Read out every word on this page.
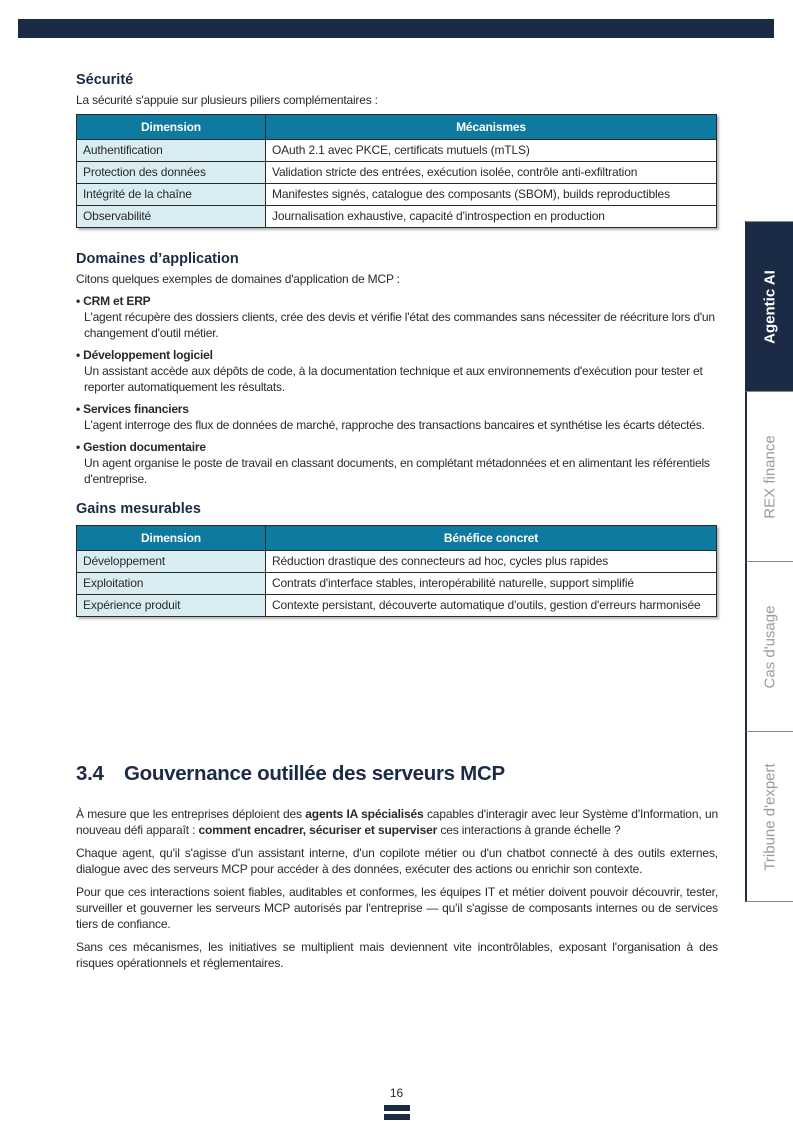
Sécurité

La sécurité s'appuie sur plusieurs piliers complémentaires :

Dimension	Mécanismes
Authentification	OAuth 2.1 avec PKCE, certificats mutuels (mTLS)
Protection des données	Validation stricte des entrées, exécution isolée, contrôle anti-exfiltration
Intégrité de la chaîne	Manifestes signés, catalogue des composants (SBOM), builds reproductibles
Observabilité	Journalisation exhaustive, capacité d'introspection en production
Domaines d’application

Citons quelques exemples de domaines d'application de MCP :

• CRM et ERP
L'agent récupère des dossiers clients, crée des devis et vérifie l'état des commandes sans nécessiter de réécriture lors d'un changement d'outil métier.
• Développement logiciel
Un assistant accède aux dépôts de code, à la documentation technique et aux environnements d'exécution pour tester et reporter automatiquement les résultats.
• Services financiers
L'agent interroge des flux de données de marché, rapproche des transactions bancaires et synthétise les écarts détectés.
• Gestion documentaire
Un agent organise le poste de travail en classant documents, en complétant métadonnées et en alimentant les référentiels d'entreprise.
Gains mesurables
Dimension	Bénéfice concret
Développement	Réduction drastique des connecteurs ad hoc, cycles plus rapides
Exploitation	Contrats d'interface stables, interopérabilité naturelle, support simplifié
Expérience produit	Contexte persistant, découverte automatique d'outils, gestion d'erreurs harmonisée
3.4 Gouvernance outillée des serveurs MCP

À mesure que les entreprises déploient des agents IA spécialisés capables d'interagir avec leur Système d'Information, un nouveau défi apparaît : comment encadrer, sécuriser et superviser ces interactions à grande échelle ?

Chaque agent, qu'il s'agisse d'un assistant interne, d'un copilote métier ou d'un chatbot connecté à des outils externes, dialogue avec des serveurs MCP pour accéder à des données, exécuter des actions ou enrichir son contexte.

Pour que ces interactions soient fiables, auditables et conformes, les équipes IT et métier doivent pouvoir découvrir, tester, surveiller et gouverner les serveurs MCP autorisés par l'entreprise — qu'il s'agisse de composants internes ou de services tiers de confiance.

Sans ces mécanismes, les initiatives se multiplient mais deviennent vite incontrôlables, exposant l'organisation à des risques opérationnels et réglementaires.

Agentic AI
REX finance
Cas d'usage
Tribune d'expert
16
